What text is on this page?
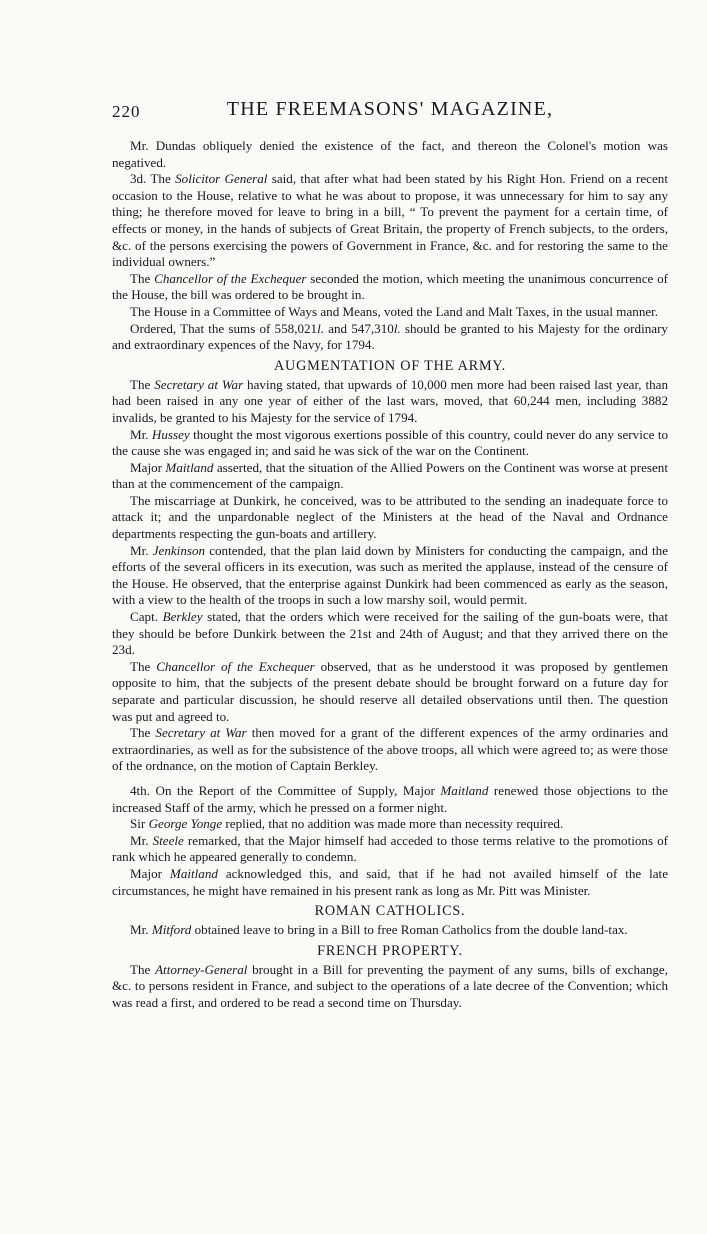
220	THE FREEMASONS' MAGAZINE,

Mr. Dundas obliquely denied the existence of the fact, and thereon the Colonel's motion was negatived.

3d. The Solicitor General said, that after what had been stated by his Right Hon. Friend on a recent occasion to the House, relative to what he was about to propose, it was unnecessary for him to say any thing; he therefore moved for leave to bring in a bill, “ To prevent the payment for a certain time, of effects or money, in the hands of subjects of Great Britain, the property of French subjects, to the orders, &c. of the persons exercising the powers of Government in France, &c. and for restoring the same to the individual owners.”

The Chancellor of the Exchequer seconded the motion, which meeting the unanimous concurrence of the House, the bill was ordered to be brought in.

The House in a Committee of Ways and Means, voted the Land and Malt Taxes, in the usual manner.

Ordered, That the sums of 558,021l. and 547,310l. should be granted to his Majesty for the ordinary and extraordinary expences of the Navy, for 1794.

AUGMENTATION OF THE ARMY.

The Secretary at War having stated, that upwards of 10,000 men more had been raised last year, than had been raised in any one year of either of the last wars, moved, that 60,244 men, including 3882 invalids, be granted to his Majesty for the service of 1794.

Mr. Hussey thought the most vigorous exertions possible of this country, could never do any service to the cause she was engaged in; and said he was sick of the war on the Continent.

Major Maitland asserted, that the situation of the Allied Powers on the Continent was worse at present than at the commencement of the campaign.

The miscarriage at Dunkirk, he conceived, was to be attributed to the sending an inadequate force to attack it; and the unpardonable neglect of the Ministers at the head of the Naval and Ordnance departments respecting the gun-boats and artillery.

Mr. Jenkinson contended, that the plan laid down by Ministers for conducting the campaign, and the efforts of the several officers in its execution, was such as merited the applause, instead of the censure of the House. He observed, that the enterprise against Dunkirk had been commenced as early as the season, with a view to the health of the troops in such a low marshy soil, would permit.

Capt. Berkley stated, that the orders which were received for the sailing of the gun-boats were, that they should be before Dunkirk between the 21st and 24th of August; and that they arrived there on the 23d.

The Chancellor of the Exchequer observed, that as he understood it was proposed by gentlemen opposite to him, that the subjects of the present debate should be brought forward on a future day for separate and particular discussion, he should reserve all detailed observations until then. The question was put and agreed to.

The Secretary at War then moved for a grant of the different expences of the army ordinaries and extraordinaries, as well as for the subsistence of the above troops, all which were agreed to; as were those of the ordnance, on the motion of Captain Berkley.

4th. On the Report of the Committee of Supply, Major Maitland renewed those objections to the increased Staff of the army, which he pressed on a former night.

Sir George Yonge replied, that no addition was made more than necessity required.

Mr. Steele remarked, that the Major himself had acceded to those terms relative to the promotions of rank which he appeared generally to condemn.

Major Maitland acknowledged this, and said, that if he had not availed himself of the late circumstances, he might have remained in his present rank as long as Mr. Pitt was Minister.

ROMAN CATHOLICS.

Mr. Mitford obtained leave to bring in a Bill to free Roman Catholics from the double land-tax.

FRENCH PROPERTY.

The Attorney-General brought in a Bill for preventing the payment of any sums, bills of exchange, &c. to persons resident in France, and subject to the operations of a late decree of the Convention; which was read a first, and ordered to be read a second time on Thursday.
